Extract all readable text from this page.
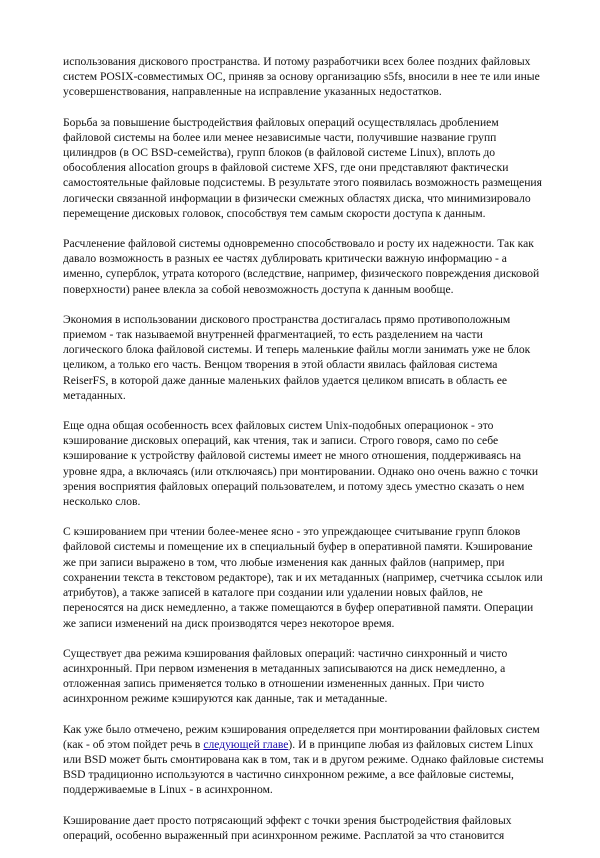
использования дискового пространства. И потому разработчики всех более поздних файловых систем POSIX-совместимых ОС, приняв за основу организацию s5fs, вносили в нее те или иные усовершенствования, направленные на исправление указанных недостатков.

Борьба за повышение быстродействия файловых операций осуществлялась дроблением файловой системы на более или менее независимые части, получившие название групп цилиндров (в ОС BSD-семейства), групп блоков (в файловой системе Linux), вплоть до обособления allocation groups в файловой системе XFS, где они представляют фактически самостоятельные файловые подсистемы. В результате этого появилась возможность размещения логически связанной информации в физически смежных областях диска, что минимизировало перемещение дисковых головок, способствуя тем самым скорости доступа к данным.

Расчленение файловой системы одновременно способствовало и росту их надежности. Так как давало возможность в разных ее частях дублировать критически важную информацию - а именно, суперблок, утрата которого (вследствие, например, физического повреждения дисковой поверхности) ранее влекла за собой невозможность доступа к данным вообще.

Экономия в использовании дискового пространства достигалась прямо противоположным приемом - так называемой внутренней фрагментацией, то есть разделением на части логического блока файловой системы. И теперь маленькие файлы могли занимать уже не блок целиком, а только его часть. Венцом творения в этой области явилась файловая система ReiserFS, в которой даже данные маленьких файлов удается целиком вписать в область ее метаданных.

Еще одна общая особенность всех файловых систем Unix-подобных операционок - это кэширование дисковых операций, как чтения, так и записи. Строго говоря, само по себе кэширование к устройству файловой системы имеет не много отношения, поддерживаясь на уровне ядра, а включаясь (или отключаясь) при монтировании. Однако оно очень важно с точки зрения восприятия файловых операций пользователем, и потому здесь уместно сказать о нем несколько слов.

С кэшированием при чтении более-менее ясно - это упреждающее считывание групп блоков файловой системы и помещение их в специальный буфер в оперативной памяти. Кэширование же при записи выражено в том, что любые изменения как данных файлов (например, при сохранении текста в текстовом редакторе), так и их метаданных (например, счетчика ссылок или атрибутов), а также записей в каталоге при создании или удалении новых файлов, не переносятся на диск немедленно, а также помещаются в буфер оперативной памяти. Операции же записи изменений на диск производятся через некоторое время.

Существует два режима кэширования файловых операций: частично синхронный и чисто асинхронный. При первом изменения в метаданных записываются на диск немедленно, а отложенная запись применяется только в отношении измененных данных. При чисто асинхронном режиме кэшируются как данные, так и метаданные.

Как уже было отмечено, режим кэширования определяется при монтировании файловых систем (как - об этом пойдет речь в следующей главе). И в принципе любая из файловых систем Linux или BSD может быть смонтирована как в том, так и в другом режиме. Однако файловые системы BSD традиционно используются в частично синхронном режиме, а все файловые системы, поддерживаемые в Linux - в асинхронном.

Кэширование дает просто потрясающий эффект с точки зрения быстродействия файловых операций, особенно выраженный при асинхронном режиме. Расплатой за что становится
